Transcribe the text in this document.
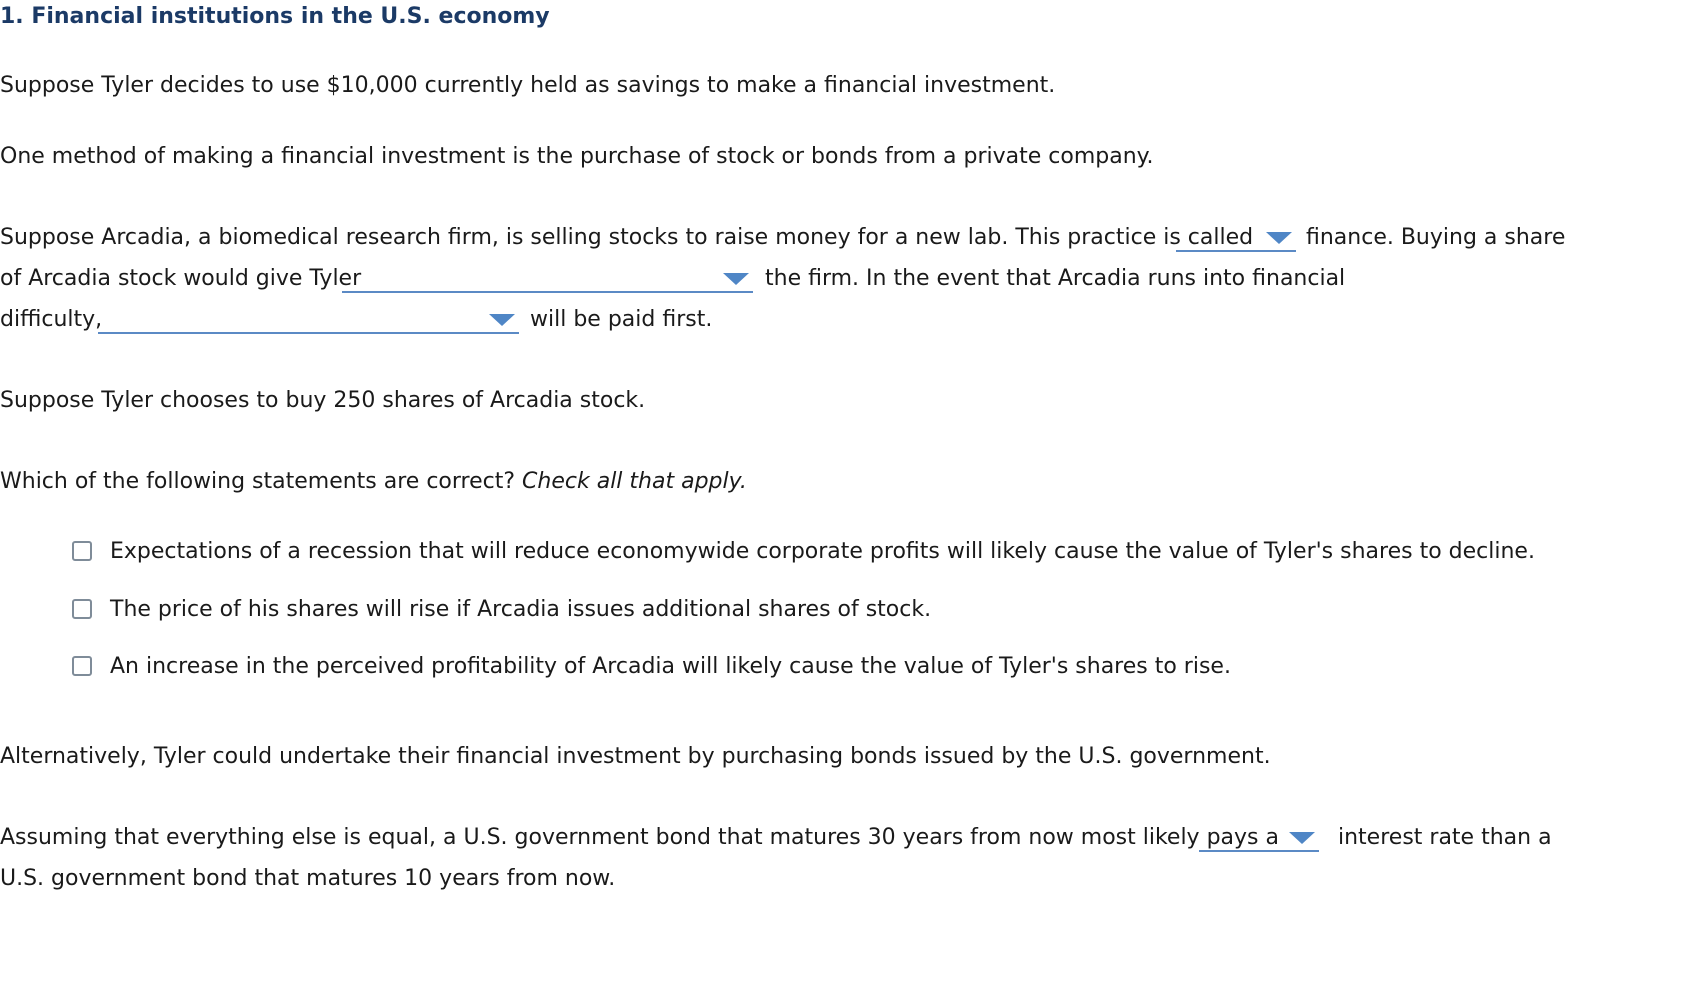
1. Financial institutions in the U.S. economy
Suppose Tyler decides to use $10,000 currently held as savings to make a financial investment.
One method of making a financial investment is the purchase of stock or bonds from a private company.
Suppose Arcadia, a biomedical research firm, is selling stocks to raise money for a new lab. This practice is called finance. Buying a share
of Arcadia stock would give Tyler	the firm. In the event that Arcadia runs into financial
difficulty,	will be paid first.
Suppose Tyler chooses to buy 250 shares of Arcadia stock.
Which of the following statements are correct? Check all that apply.
Expectations of a recession that will reduce economywide corporate profits will likely cause the value of Tyler's shares to decline.
The price of his shares will rise if Arcadia issues additional shares of stock.
An increase in the perceived profitability of Arcadia will likely cause the value of Tyler's shares to rise.
Alternatively, Tyler could undertake their financial investment by purchasing bonds issued by the U.S. government.
Assuming that everything else is equal, a U.S. government bond that matures 30 years from now most likely pays a	interest rate than a
U.S. government bond that matures 10 years from now.
